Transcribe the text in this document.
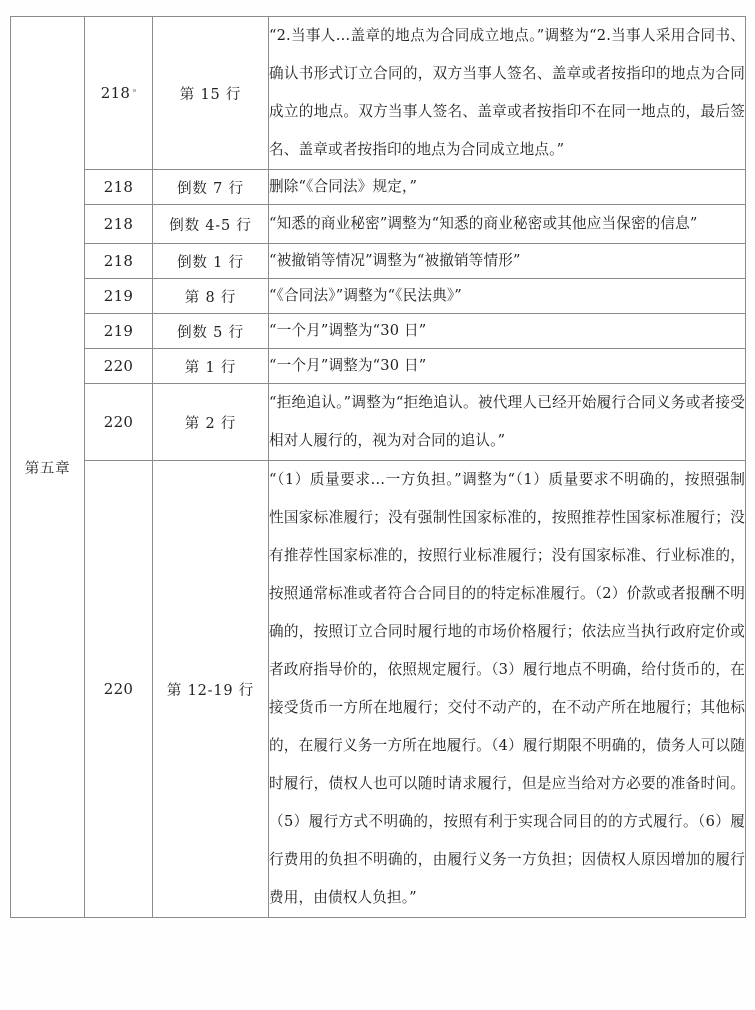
第五章	218	第 15 行	“2.当事人…盖章的地点为合同成立地点。”调整为“2.当事人采用合同书、确认书形式订立合同的，双方当事人签名、盖章或者按指印的地点为合同成立的地点。双方当事人签名、盖章或者按指印不在同一地点的，最后签名、盖章或者按指印的地点为合同成立地点。”
	218	倒数 7 行	删除“《合同法》规定，”
	218	倒数 4-5 行	“知悉的商业秘密”调整为“知悉的商业秘密或其他应当保密的信息”
	218	倒数 1 行	“被撤销等情况”调整为“被撤销等情形”
	219	第 8 行	“《合同法》”调整为“《民法典》”
	219	倒数 5 行	“一个月”调整为“30 日”
	220	第 1 行	“一个月”调整为“30 日”
	220	第 2 行	“拒绝追认。”调整为“拒绝追认。被代理人已经开始履行合同义务或者接受相对人履行的，视为对合同的追认。”
	220	第 12-19 行	“（1）质量要求…一方负担。”调整为“（1）质量要求不明确的，按照强制性国家标准履行；没有强制性国家标准的，按照推荐性国家标准履行；没有推荐性国家标准的，按照行业标准履行；没有国家标准、行业标准的，按照通常标准或者符合合同目的的特定标准履行。（2）价款或者报酬不明确的，按照订立合同时履行地的市场价格履行；依法应当执行政府定价或者政府指导价的，依照规定履行。（3）履行地点不明确，给付货币的，在接受货币一方所在地履行；交付不动产的，在不动产所在地履行；其他标的，在履行义务一方所在地履行。（4）履行期限不明确的，债务人可以随时履行，债权人也可以随时请求履行，但是应当给对方必要的准备时间。（5）履行方式不明确的，按照有利于实现合同目的的方式履行。（6）履行费用的负担不明确的，由履行义务一方负担；因债权人原因增加的履行费用，由债权人负担。”
